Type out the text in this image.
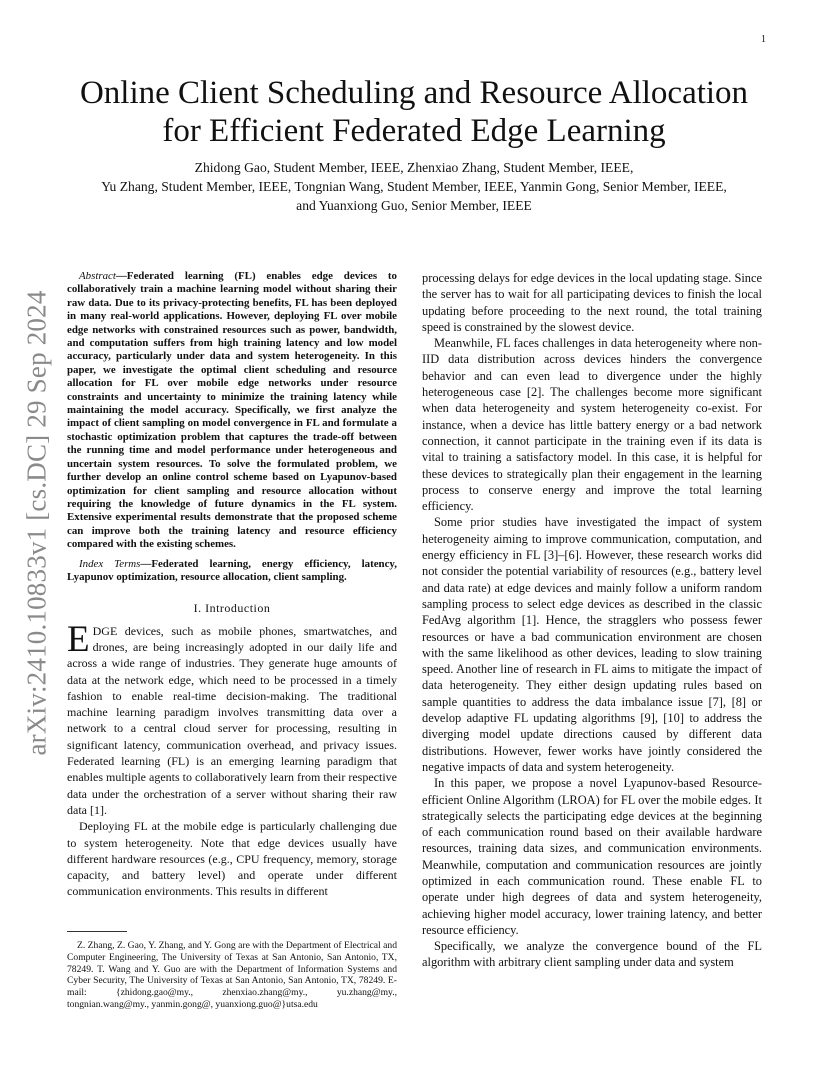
1
arXiv:2410.10833v1 [cs.DC] 29 Sep 2024
Online Client Scheduling and Resource Allocation for Efficient Federated Edge Learning
Zhidong Gao, Student Member, IEEE, Zhenxiao Zhang, Student Member, IEEE,
Yu Zhang, Student Member, IEEE, Tongnian Wang, Student Member, IEEE, Yanmin Gong, Senior Member, IEEE,
and Yuanxiong Guo, Senior Member, IEEE

Abstract—Federated learning (FL) enables edge devices to collaboratively train a machine learning model without sharing their raw data. Due to its privacy-protecting benefits, FL has been deployed in many real-world applications. However, deploying FL over mobile edge networks with constrained resources such as power, bandwidth, and computation suffers from high training latency and low model accuracy, particularly under data and system heterogeneity. In this paper, we investigate the optimal client scheduling and resource allocation for FL over mobile edge networks under resource constraints and uncertainty to minimize the training latency while maintaining the model accuracy. Specifically, we first analyze the impact of client sampling on model convergence in FL and formulate a stochastic optimization problem that captures the trade-off between the running time and model performance under heterogeneous and uncertain system resources. To solve the formulated problem, we further develop an online control scheme based on Lyapunov-based optimization for client sampling and resource allocation without requiring the knowledge of future dynamics in the FL system. Extensive experimental results demonstrate that the proposed scheme can improve both the training latency and resource efficiency compared with the existing schemes.

Index Terms—Federated learning, energy efficiency, latency, Lyapunov optimization, resource allocation, client sampling.

I. Introduction

EDGE devices, such as mobile phones, smartwatches, and drones, are being increasingly adopted in our daily life and across a wide range of industries. They generate huge amounts of data at the network edge, which need to be processed in a timely fashion to enable real-time decision-making. The traditional machine learning paradigm involves transmitting data over a network to a central cloud server for processing, resulting in significant latency, communication overhead, and privacy issues. Federated learning (FL) is an emerging learning paradigm that enables multiple agents to collaboratively learn from their respective data under the orchestration of a server without sharing their raw data [1].

Deploying FL at the mobile edge is particularly challenging due to system heterogeneity. Note that edge devices usually have different hardware resources (e.g., CPU frequency, memory, storage capacity, and battery level) and operate under different communication environments. This results in different

Z. Zhang, Z. Gao, Y. Zhang, and Y. Gong are with the Department of Electrical and Computer Engineering, The University of Texas at San Antonio, San Antonio, TX, 78249. T. Wang and Y. Guo are with the Department of Information Systems and Cyber Security, The University of Texas at San Antonio, San Antonio, TX, 78249. E-mail: {zhidong.gao@my., zhenxiao.zhang@my., yu.zhang@my., tongnian.wang@my., yanmin.gong@, yuanxiong.guo@}utsa.edu

processing delays for edge devices in the local updating stage. Since the server has to wait for all participating devices to finish the local updating before proceeding to the next round, the total training speed is constrained by the slowest device.

Meanwhile, FL faces challenges in data heterogeneity where non-IID data distribution across devices hinders the convergence behavior and can even lead to divergence under the highly heterogeneous case [2]. The challenges become more significant when data heterogeneity and system heterogeneity co-exist. For instance, when a device has little battery energy or a bad network connection, it cannot participate in the training even if its data is vital to training a satisfactory model. In this case, it is helpful for these devices to strategically plan their engagement in the learning process to conserve energy and improve the total learning efficiency.

Some prior studies have investigated the impact of system heterogeneity aiming to improve communication, computation, and energy efficiency in FL [3]–[6]. However, these research works did not consider the potential variability of resources (e.g., battery level and data rate) at edge devices and mainly follow a uniform random sampling process to select edge devices as described in the classic FedAvg algorithm [1]. Hence, the stragglers who possess fewer resources or have a bad communication environment are chosen with the same likelihood as other devices, leading to slow training speed. Another line of research in FL aims to mitigate the impact of data heterogeneity. They either design updating rules based on sample quantities to address the data imbalance issue [7], [8] or develop adaptive FL updating algorithms [9], [10] to address the diverging model update directions caused by different data distributions. However, fewer works have jointly considered the negative impacts of data and system heterogeneity.

In this paper, we propose a novel Lyapunov-based Resource-efficient Online Algorithm (LROA) for FL over the mobile edges. It strategically selects the participating edge devices at the beginning of each communication round based on their available hardware resources, training data sizes, and communication environments. Meanwhile, computation and communication resources are jointly optimized in each communication round. These enable FL to operate under high degrees of data and system heterogeneity, achieving higher model accuracy, lower training latency, and better resource efficiency.

Specifically, we analyze the convergence bound of the FL algorithm with arbitrary client sampling under data and system
